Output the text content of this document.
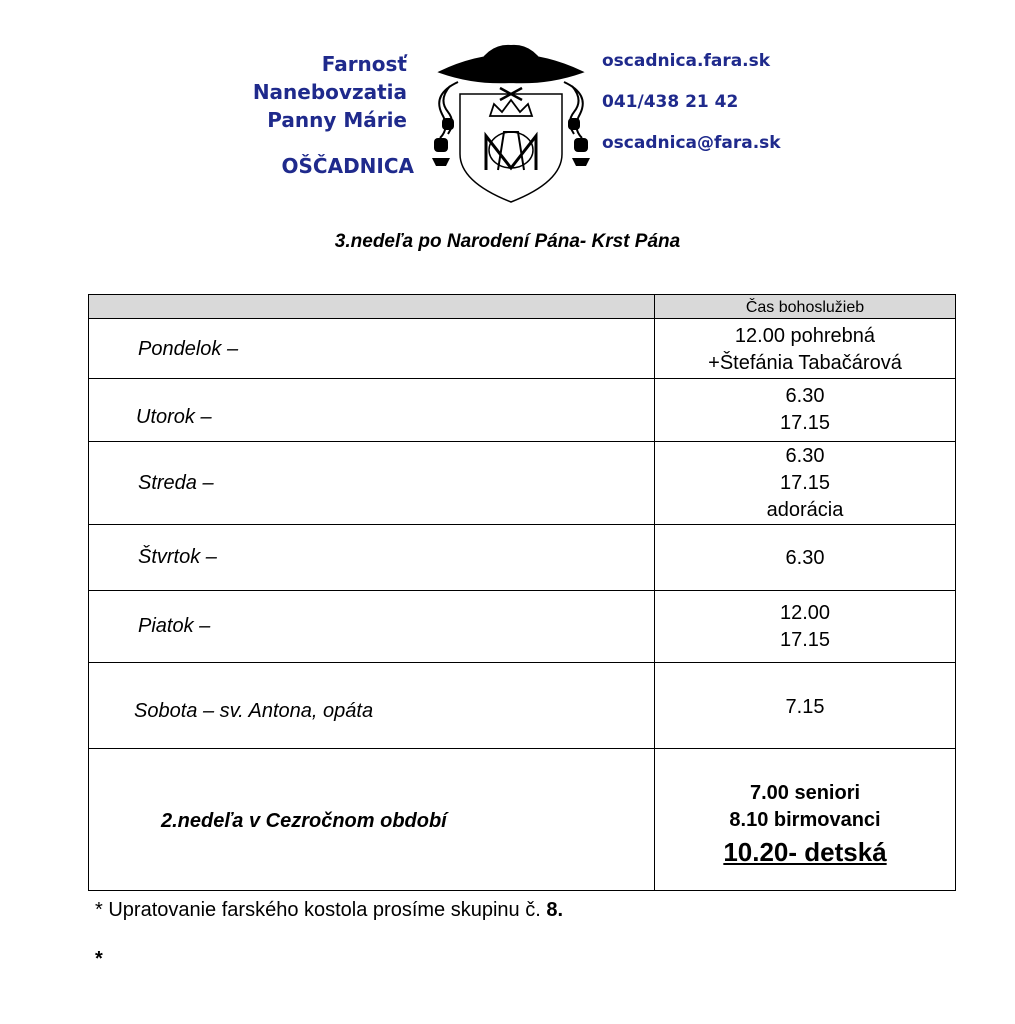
Farnosť
Nanebovzatia
Panny Márie
OŠČADNICA
oscadnica.fara.sk
041/438 21 42
oscadnica@fara.sk
3.nedeľa po Narodení Pána- Krst Pána
Čas bohoslužieb
Pondelok –
12.00 pohrebná
+Štefánia Tabačárová
Utorok –
6.30
17.15
Streda –
6.30
17.15
adorácia
Štvrtok –	6.30
Piatok –
12.00
17.15
Sobota – sv. Antona, opáta	7.15
2.nedeľa v Cezročnom období
7.00 seniori
8.10 birmovanci
10.20- detská
* Upratovanie farského kostola prosíme skupinu č. 8.
*
